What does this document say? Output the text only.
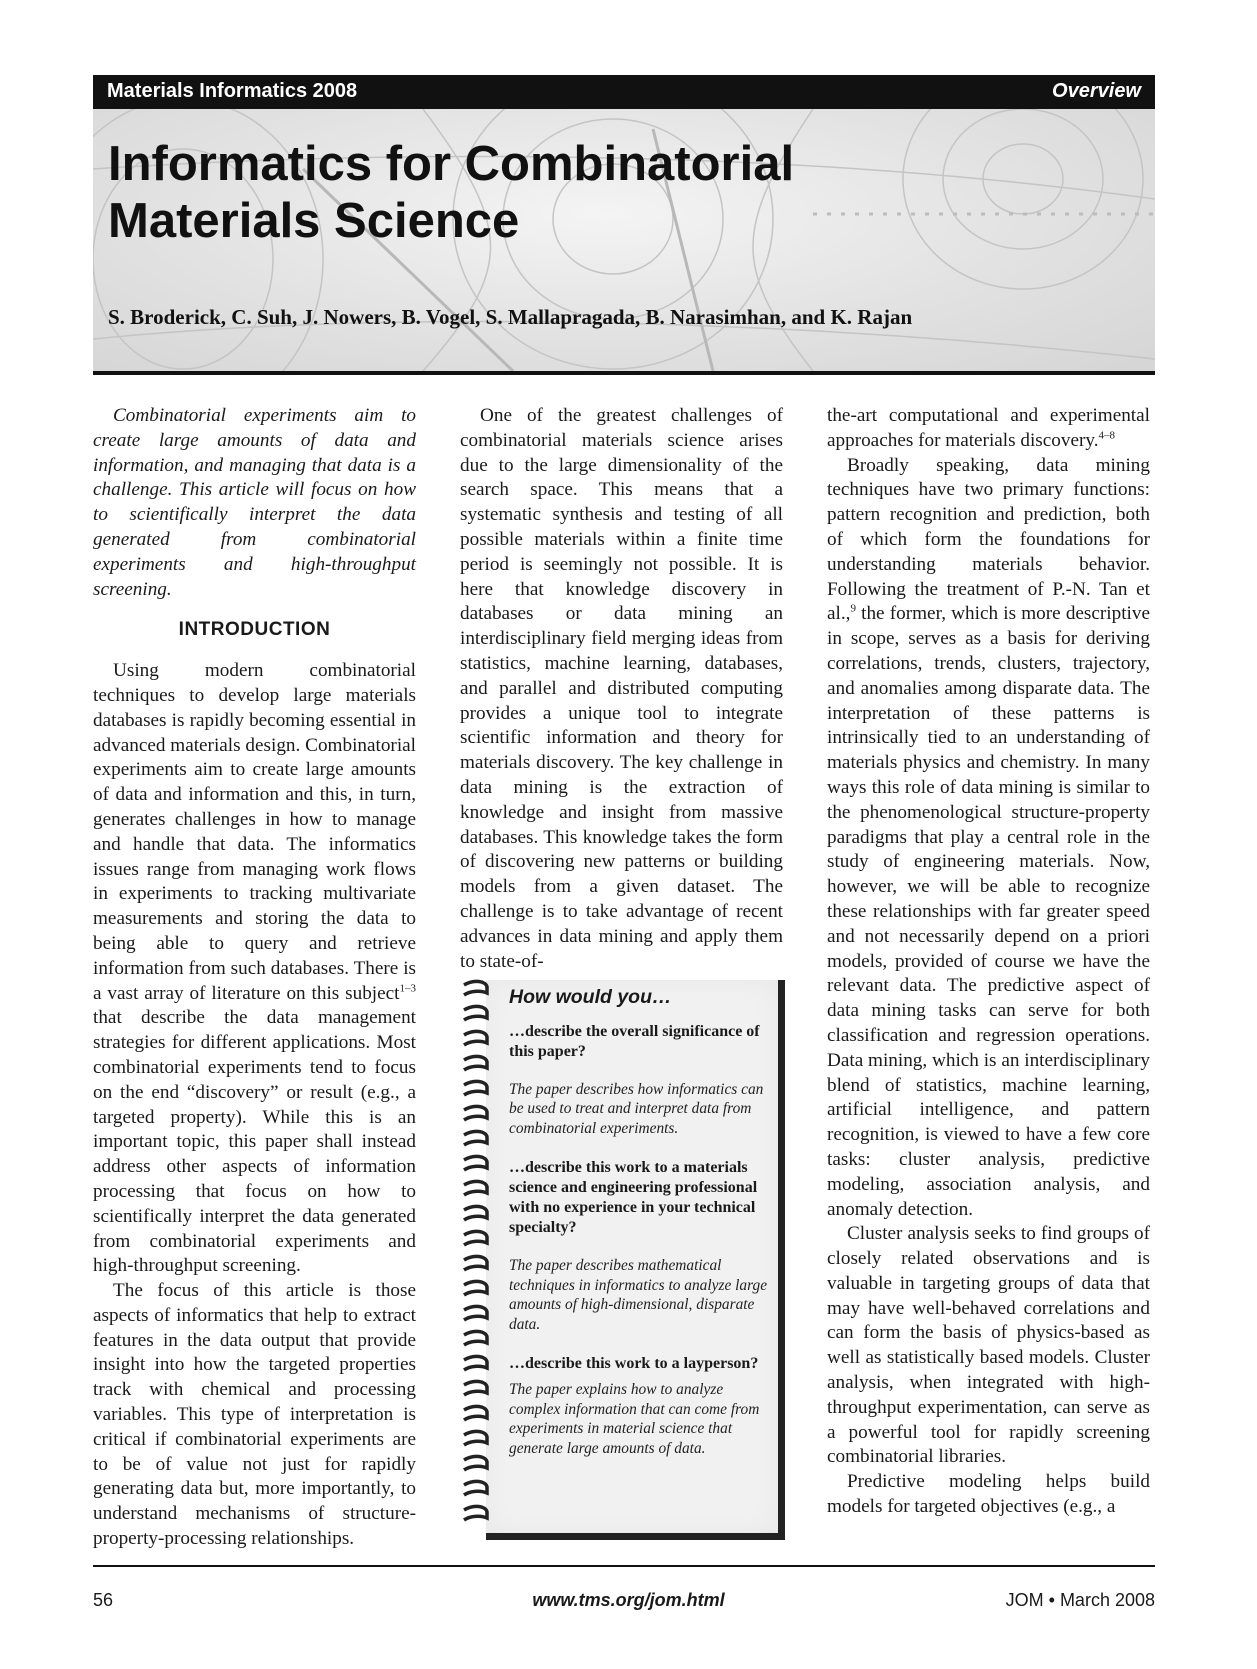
Materials Informatics 2008	Overview
Informatics for Combinatorial Materials Science

S. Broderick, C. Suh, J. Nowers, B. Vogel, S. Mallapragada, B. Narasimhan, and K. Rajan

Combinatorial experiments aim to create large amounts of data and information, and managing that data is a challenge. This article will focus on how to scientifically interpret the data generated from combinatorial experiments and high-throughput screening.

INTRODUCTION

Using modern combinatorial techniques to develop large materials databases is rapidly becoming essential in advanced materials design. Combinatorial experiments aim to create large amounts of data and information and this, in turn, generates challenges in how to manage and handle that data. The informatics issues range from managing work flows in experiments to tracking multivariate measurements and storing the data to being able to query and retrieve information from such databases. There is a vast array of literature on this subject$^{1-3}$ that describe the data management strategies for different applications. Most combinatorial experiments tend to focus on the end “discovery” or result (e.g., a targeted property). While this is an important topic, this paper shall instead address other aspects of information processing that focus on how to scientifically interpret the data generated from combinatorial experiments and high-throughput screening.

The focus of this article is those aspects of informatics that help to extract features in the data output that provide insight into how the targeted properties track with chemical and processing variables. This type of interpretation is critical if combinatorial experiments are to be of value not just for rapidly generating data but, more importantly, to understand mechanisms of structure-property-processing relationships.

One of the greatest challenges of combinatorial materials science arises due to the large dimensionality of the search space. This means that a systematic synthesis and testing of all possible materials within a finite time period is seemingly not possible. It is here that knowledge discovery in databases or data mining an interdisciplinary field merging ideas from statistics, machine learning, databases, and parallel and distributed computing provides a unique tool to integrate scientific information and theory for materials discovery. The key challenge in data mining is the extraction of knowledge and insight from massive databases. This knowledge takes the form of discovering new patterns or building models from a given dataset. The challenge is to take advantage of recent advances in data mining and apply them to state-of-

How would you…

…describe the overall significance of this paper?

The paper describes how informatics can be used to treat and interpret data from combinatorial experiments.

…describe this work to a materials science and engineering professional with no experience in your technical specialty?

The paper describes mathematical techniques in informatics to analyze large amounts of high-dimensional, disparate data.

…describe this work to a layperson?

The paper explains how to analyze complex information that can come from experiments in material science that generate large amounts of data.

the-art computational and experimental approaches for materials discovery.$^{4-8}$

Broadly speaking, data mining techniques have two primary functions: pattern recognition and prediction, both of which form the foundations for understanding materials behavior. Following the treatment of P.-N. Tan et al.,$^9$ the former, which is more descriptive in scope, serves as a basis for deriving correlations, trends, clusters, trajectory, and anomalies among disparate data. The interpretation of these patterns is intrinsically tied to an understanding of materials physics and chemistry. In many ways this role of data mining is similar to the phenomenological structure-property paradigms that play a central role in the study of engineering materials. Now, however, we will be able to recognize these relationships with far greater speed and not necessarily depend on a priori models, provided of course we have the relevant data. The predictive aspect of data mining tasks can serve for both classification and regression operations. Data mining, which is an interdisciplinary blend of statistics, machine learning, artificial intelligence, and pattern recognition, is viewed to have a few core tasks: cluster analysis, predictive modeling, association analysis, and anomaly detection.

Cluster analysis seeks to find groups of closely related observations and is valuable in targeting groups of data that may have well-behaved correlations and can form the basis of physics-based as well as statistically based models. Cluster analysis, when integrated with high-throughput experimentation, can serve as a powerful tool for rapidly screening combinatorial libraries.

Predictive modeling helps build models for targeted objectives (e.g., a

56	www.tms.org/jom.html	JOM • March 2008
